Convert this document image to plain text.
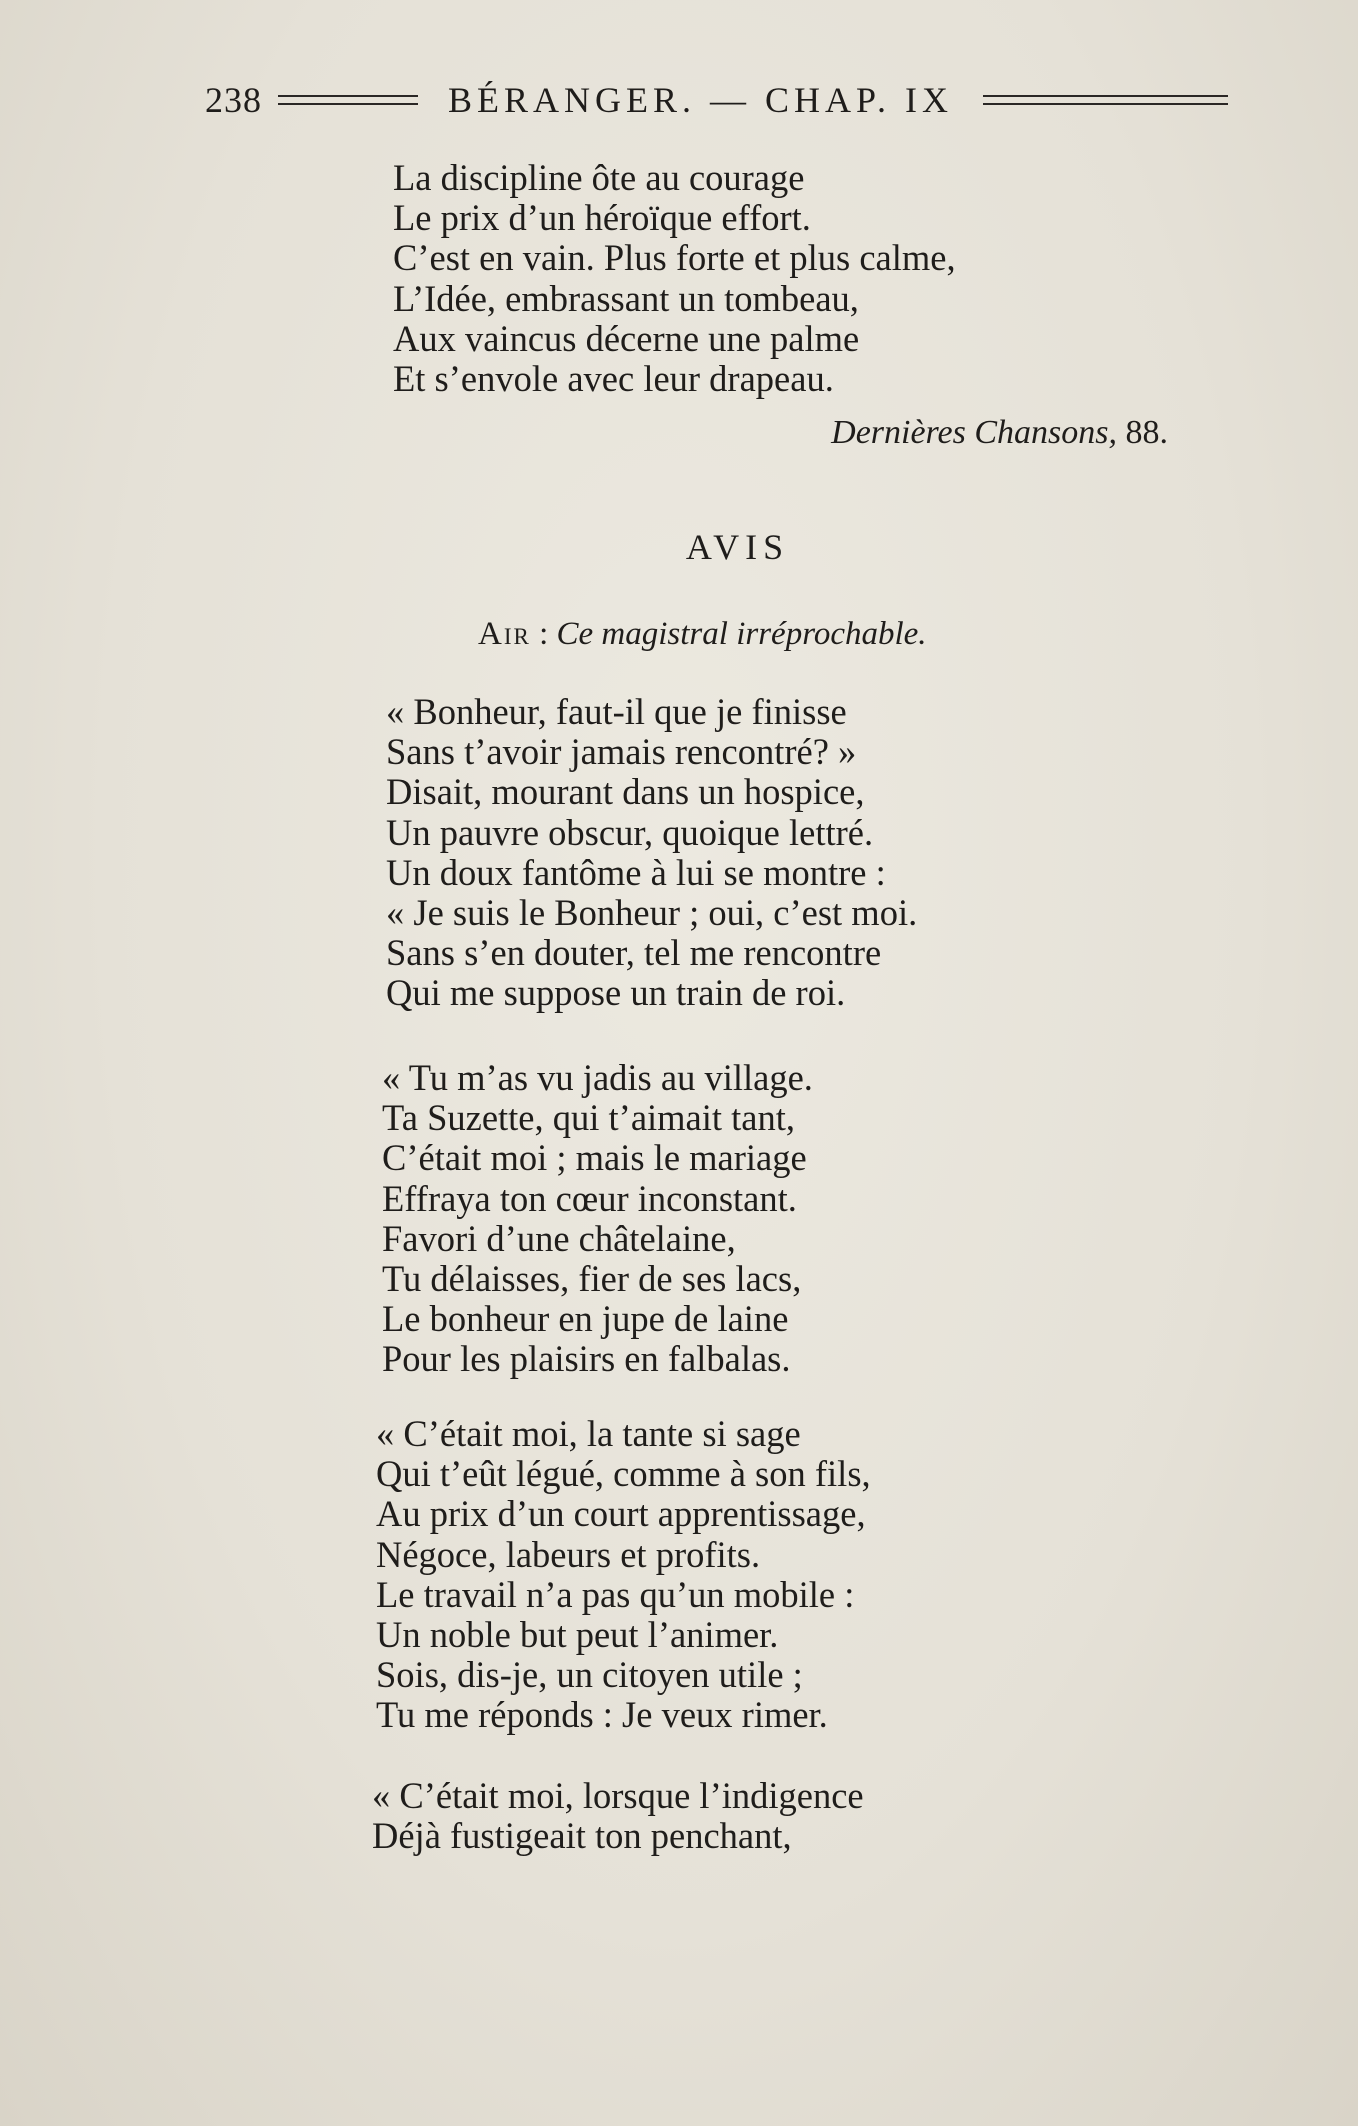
238	BÉRANGER. — CHAP. IX
La discipline ôte au courage
Le prix d’un héroïque effort.
C’est en vain. Plus forte et plus calme,
L’Idée, embrassant un tombeau,
Aux vaincus décerne une palme
Et s’envole avec leur drapeau.
Dernières Chansons, 88.
AVIS
Air : Ce magistral irréprochable.
« Bonheur, faut-il que je finisse
Sans t’avoir jamais rencontré? »
Disait, mourant dans un hospice,
Un pauvre obscur, quoique lettré.
Un doux fantôme à lui se montre :
« Je suis le Bonheur ; oui, c’est moi.
Sans s’en douter, tel me rencontre
Qui me suppose un train de roi.
« Tu m’as vu jadis au village.
Ta Suzette, qui t’aimait tant,
C’était moi ; mais le mariage
Effraya ton cœur inconstant.
Favori d’une châtelaine,
Tu délaisses, fier de ses lacs,
Le bonheur en jupe de laine
Pour les plaisirs en falbalas.
« C’était moi, la tante si sage
Qui t’eût légué, comme à son fils,
Au prix d’un court apprentissage,
Négoce, labeurs et profits.
Le travail n’a pas qu’un mobile :
Un noble but peut l’animer.
Sois, dis-je, un citoyen utile ;
Tu me réponds : Je veux rimer.
« C’était moi, lorsque l’indigence
Déjà fustigeait ton penchant,
